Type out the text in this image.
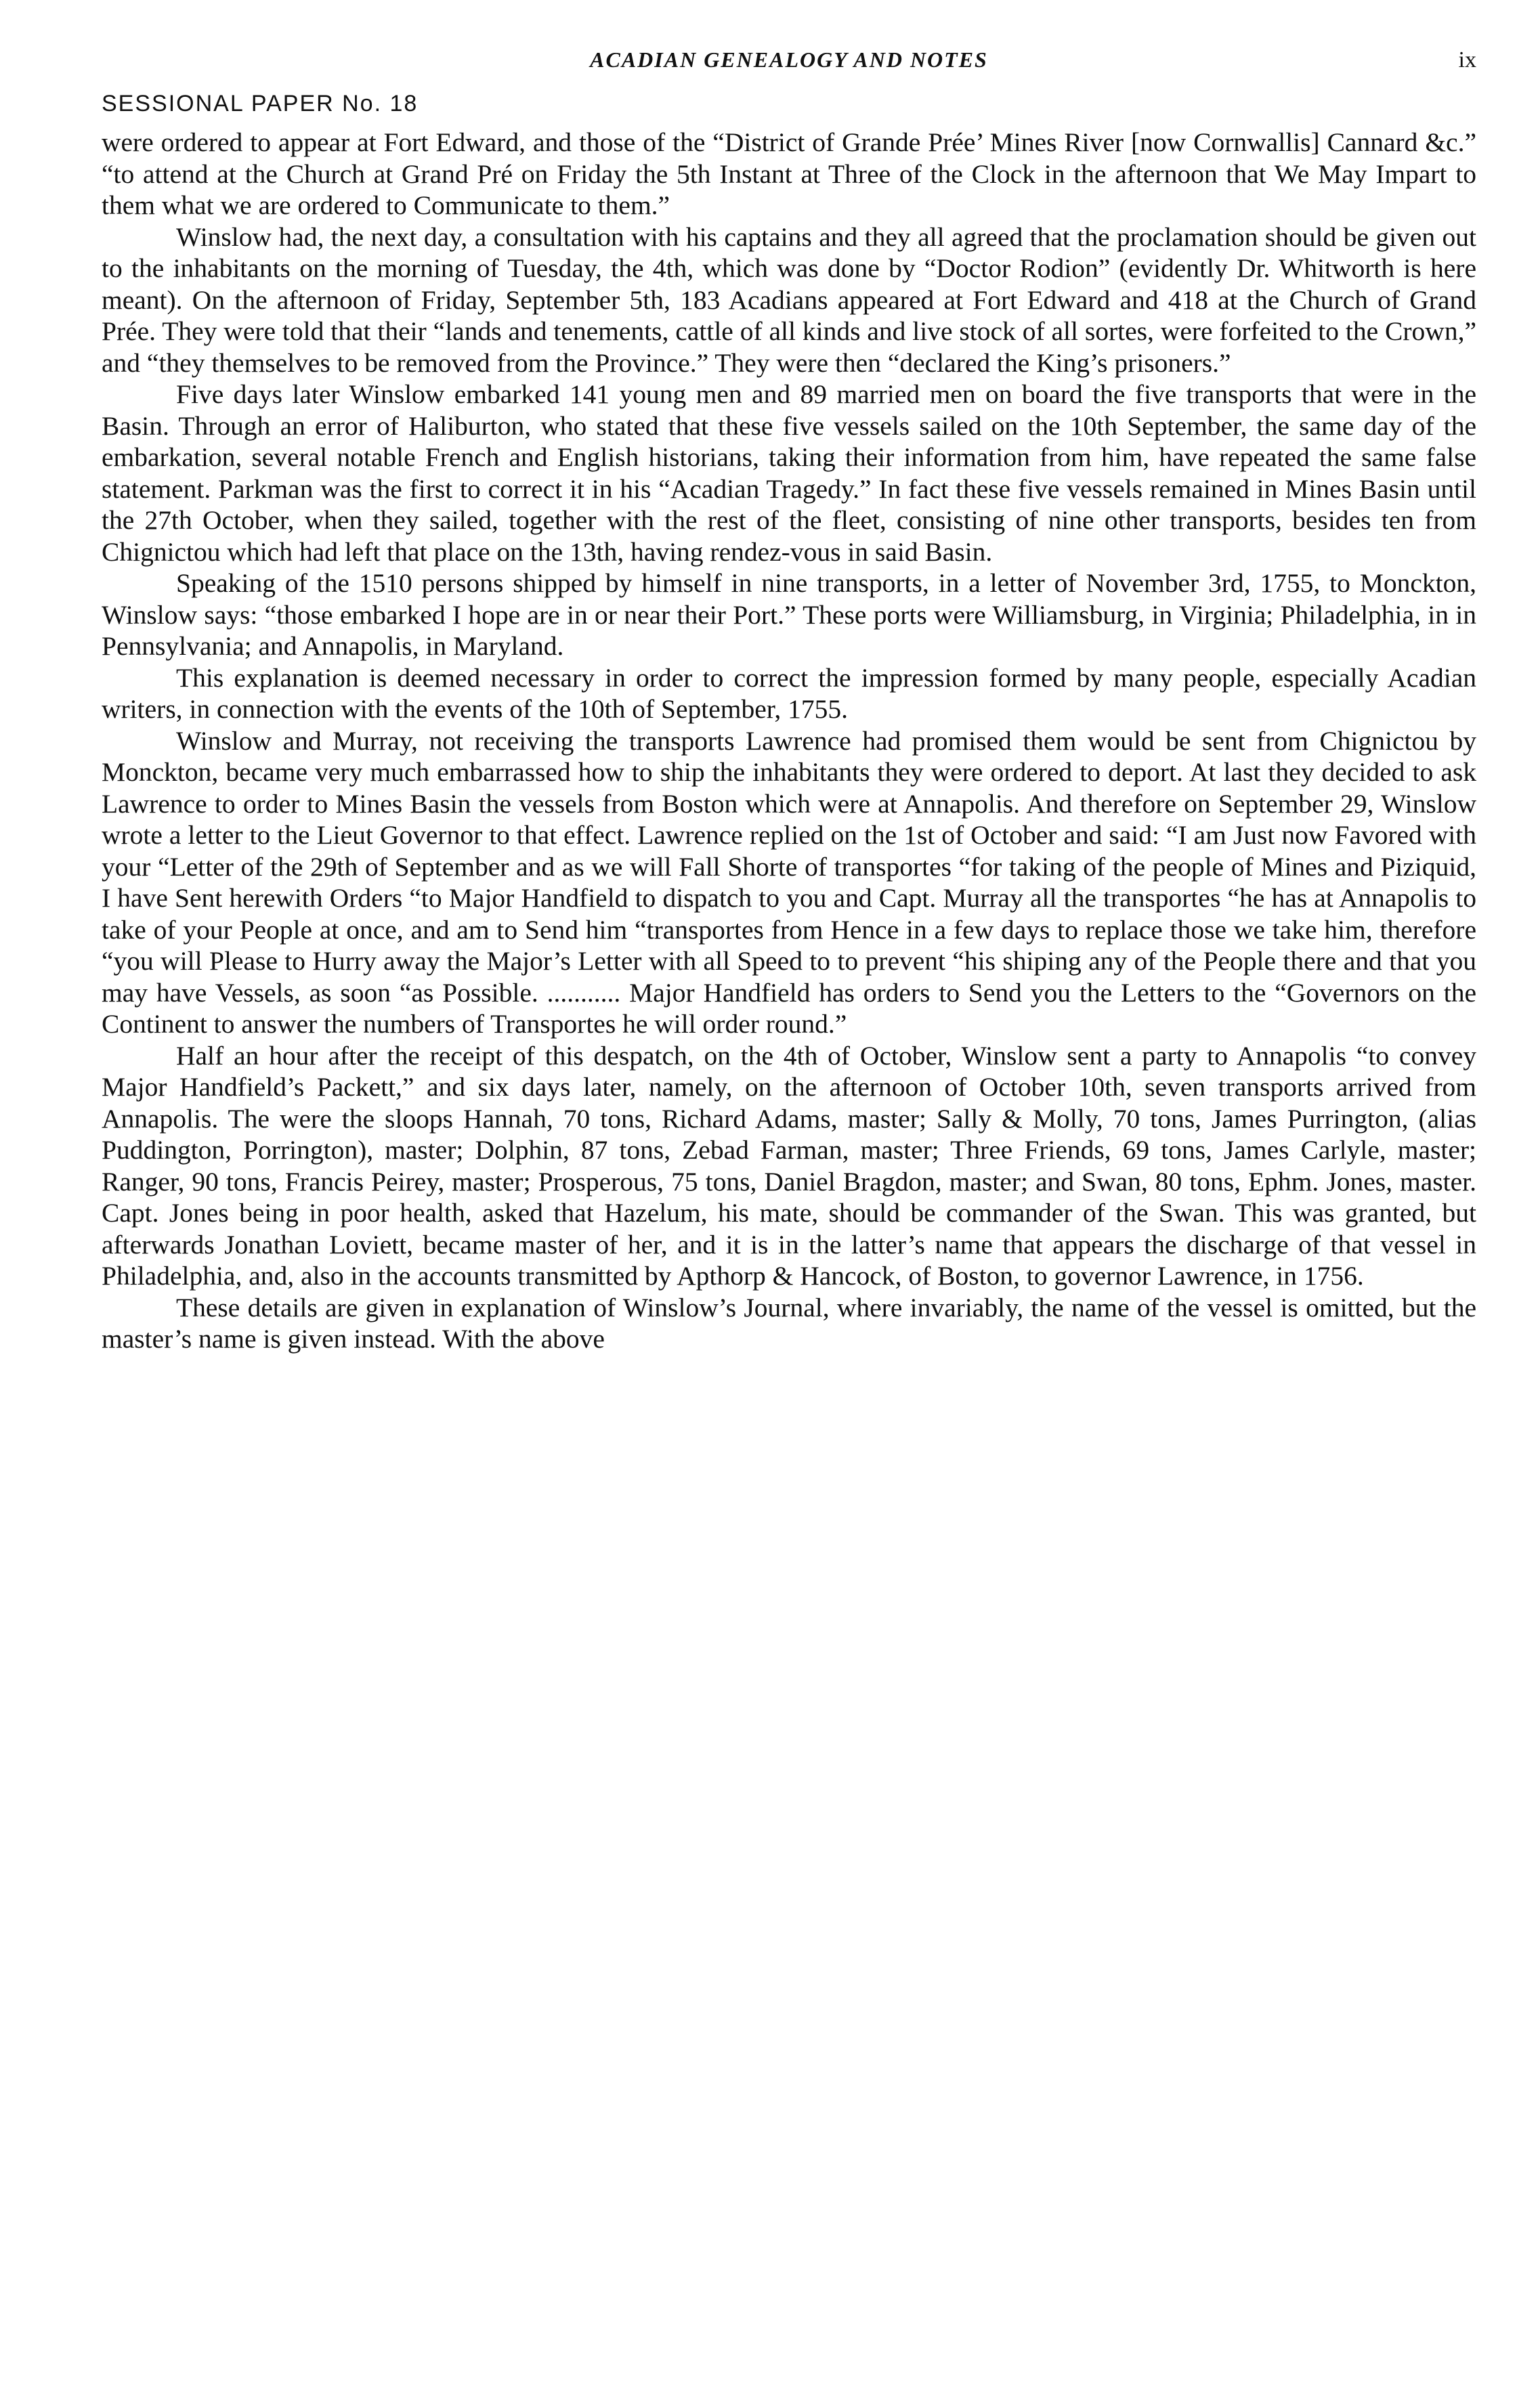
ACADIAN GENEALOGY AND NOTES	ix
SESSIONAL PAPER No. 18

were ordered to appear at Fort Edward, and those of the “District of Grande Prée’ Mines River [now Cornwallis] Cannard &c.” “to attend at the Church at Grand Pré on Friday the 5th Instant at Three of the Clock in the afternoon that We May Impart to them what we are ordered to Communicate to them.”

Winslow had, the next day, a consultation with his captains and they all agreed that the proclamation should be given out to the inhabitants on the morning of Tuesday, the 4th, which was done by “Doctor Rodion” (evidently Dr. Whitworth is here meant). On the afternoon of Friday, September 5th, 183 Acadians appeared at Fort Edward and 418 at the Church of Grand Prée. They were told that their “lands and tenements, cattle of all kinds and live stock of all sortes, were forfeited to the Crown,” and “they themselves to be removed from the Province.” They were then “declared the King’s prisoners.”

Five days later Winslow embarked 141 young men and 89 married men on board the five transports that were in the Basin. Through an error of Haliburton, who stated that these five vessels sailed on the 10th September, the same day of the embarkation, several notable French and English historians, taking their information from him, have repeated the same false statement. Parkman was the first to correct it in his “Acadian Tragedy.” In fact these five vessels remained in Mines Basin until the 27th October, when they sailed, together with the rest of the fleet, consisting of nine other transports, besides ten from Chignictou which had left that place on the 13th, having rendez-vous in said Basin.

Speaking of the 1510 persons shipped by himself in nine transports, in a letter of November 3rd, 1755, to Monckton, Winslow says: “those embarked I hope are in or near their Port.” These ports were Williamsburg, in Virginia; Philadelphia, in in Pennsylvania; and Annapolis, in Maryland.

This explanation is deemed necessary in order to correct the impression formed by many people, especially Acadian writers, in connection with the events of the 10th of September, 1755.

Winslow and Murray, not receiving the transports Lawrence had promised them would be sent from Chignictou by Monckton, became very much embarrassed how to ship the inhabitants they were ordered to deport. At last they decided to ask Lawrence to order to Mines Basin the vessels from Boston which were at Annapolis. And therefore on September 29, Winslow wrote a letter to the Lieut Governor to that effect. Lawrence replied on the 1st of October and said: “I am Just now Favored with your “Letter of the 29th of September and as we will Fall Shorte of transportes “for taking of the people of Mines and Piziquid, I have Sent herewith Orders “to Major Handfield to dispatch to you and Capt. Murray all the transportes “he has at Annapolis to take of your People at once, and am to Send him “transportes from Hence in a few days to replace those we take him, therefore “you will Please to Hurry away the Major’s Letter with all Speed to to prevent “his shiping any of the People there and that you may have Vessels, as soon “as Possible. ........... Major Handfield has orders to Send you the Letters to the “Governors on the Continent to answer the numbers of Transportes he will order round.”

Half an hour after the receipt of this despatch, on the 4th of October, Winslow sent a party to Annapolis “to convey Major Handfield’s Packett,” and six days later, namely, on the afternoon of October 10th, seven transports arrived from Annapolis. The were the sloops Hannah, 70 tons, Richard Adams, master; Sally & Molly, 70 tons, James Purrington, (alias Puddington, Porrington), master; Dolphin, 87 tons, Zebad Farman, master; Three Friends, 69 tons, James Carlyle, master; Ranger, 90 tons, Francis Peirey, master; Prosperous, 75 tons, Daniel Bragdon, master; and Swan, 80 tons, Ephm. Jones, master. Capt. Jones being in poor health, asked that Hazelum, his mate, should be commander of the Swan. This was granted, but afterwards Jonathan Loviett, became master of her, and it is in the latter’s name that appears the discharge of that vessel in Philadelphia, and, also in the accounts transmitted by Apthorp & Hancock, of Boston, to governor Lawrence, in 1756.

These details are given in explanation of Winslow’s Journal, where invariably, the name of the vessel is omitted, but the master’s name is given instead. With the above
